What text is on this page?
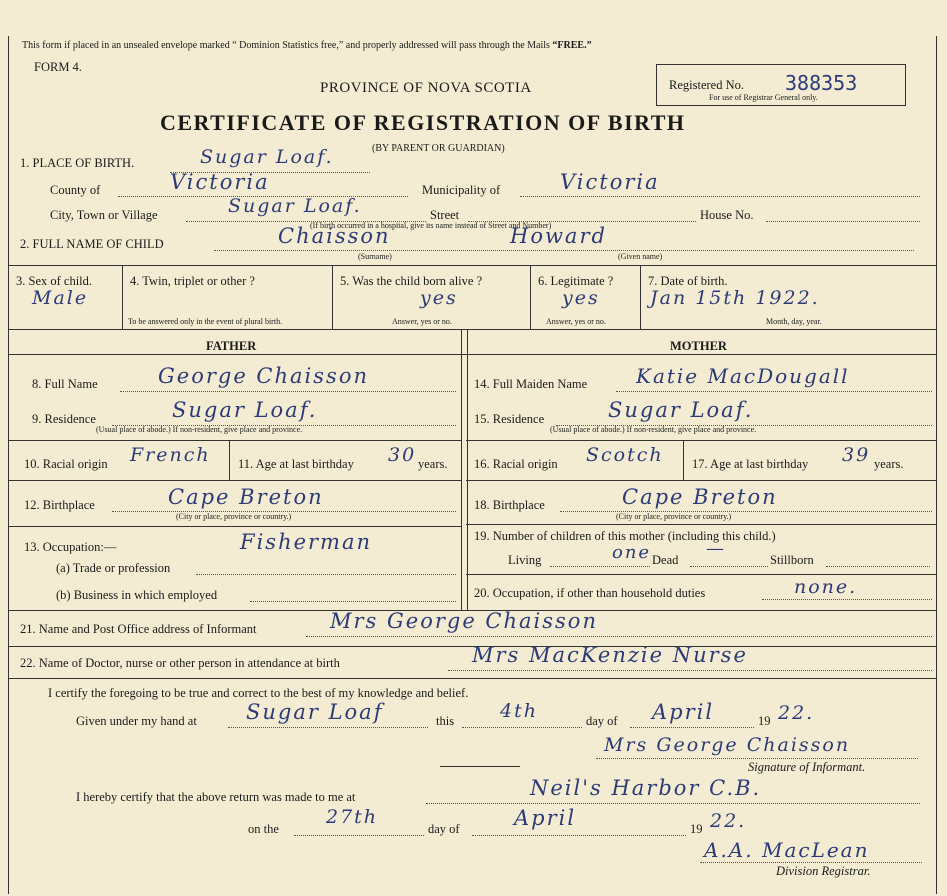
This form if placed in an unsealed envelope marked “ Dominion Statistics free,” and properly addressed will pass through the Mails “FREE.”
FORM 4.
PROVINCE OF NOVA SCOTIA	Registered No. 388353
For use of Registrar General only.
CERTIFICATE OF REGISTRATION OF BIRTH
(BY PARENT OR GUARDIAN)
1. PLACE OF BIRTH.	Sugar Loaf.
County of	Victoria	Municipality of	Victoria
City, Town or Village	Sugar Loaf.	Street
(If birth occurred in a hospital, give its name instead of Street and Number)
House No.
2. FULL NAME OF CHILD	Chaisson	Howard
(Surname)	(Given name)
3. Sex of child.
Male
4. Twin, triplet or other ?
To be answered only in the event of plural birth.
5. Was the child born alive ?
yes
Answer, yes or no.
6. Legitimate ?
yes
Answer, yes or no.
7. Date of birth.
Jan 15th 1922.
Month, day, year.
FATHER	MOTHER
8. Full Name	George Chaisson
9. Residence	Sugar Loaf.
(Usual place of abode.) If non-resident, give place and province.
10. Racial origin French 11. Age at last birthday 30 years.
12. Birthplace	Cape Breton
(City or place, province or country.)
13. Occupation:—	Fisherman
(a) Trade or profession
(b) Business in which employed
14. Full Maiden Name Katie MacDougall
15. Residence	Sugar Loaf.
(Usual place of abode.) If non-resident, give place and province.
16. Racial origin Scotch 17. Age at last birthday 39 years.
18. Birthplace	Cape Breton
(City or place, province or country.)
19. Number of children of this mother (including this child.)
Living	one Dead
—
Stillborn
20. Occupation, if other than household duties	none.
21. Name and Post Office address of Informant	Mrs George Chaisson
22. Name of Doctor, nurse or other person in attendance at birth	Mrs MacKenzie Nurse
I certify the foregoing to be true and correct to the best of my knowledge and belief.
Given under my hand at Sugar Loaf	this 4th	day of April	19 22.
Mrs George Chaisson
Signature of Informant.
I hereby certify that the above return was made to me at	Neil's Harbor C.B.
on the
27th
day of	April	19 22.
A.A. MacLean
Division Registrar.
